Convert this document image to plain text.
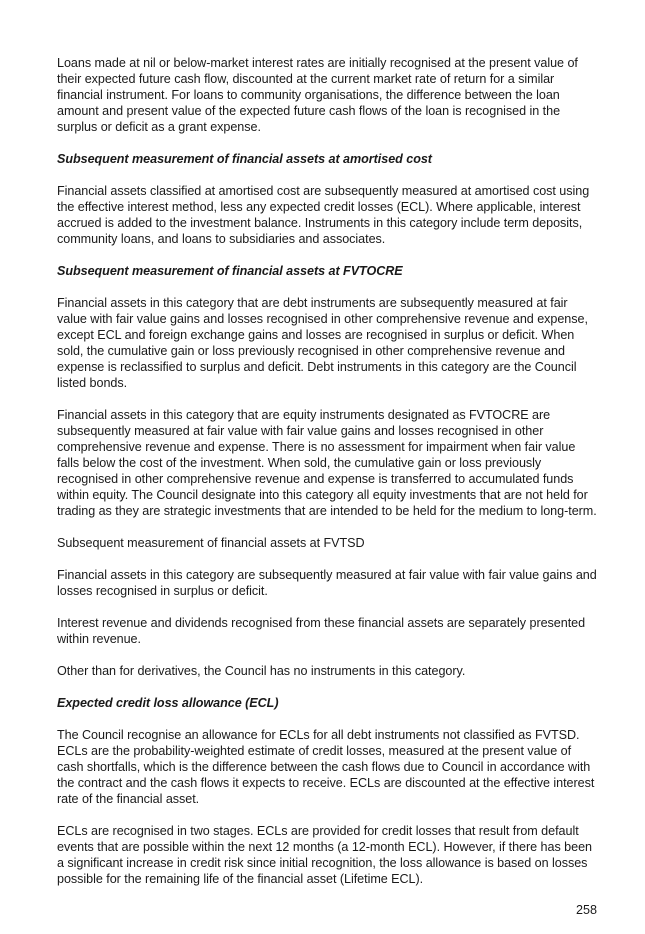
Loans made at nil or below-market interest rates are initially recognised at the present value of their expected future cash flow, discounted at the current market rate of return for a similar financial instrument. For loans to community organisations, the difference between the loan amount and present value of the expected future cash flows of the loan is recognised in the surplus or deficit as a grant expense.

Subsequent measurement of financial assets at amortised cost

Financial assets classified at amortised cost are subsequently measured at amortised cost using the effective interest method, less any expected credit losses (ECL). Where applicable, interest accrued is added to the investment balance. Instruments in this category include term deposits, community loans, and loans to subsidiaries and associates.

Subsequent measurement of financial assets at FVTOCRE

Financial assets in this category that are debt instruments are subsequently measured at fair value with fair value gains and losses recognised in other comprehensive revenue and expense, except ECL and foreign exchange gains and losses are recognised in surplus or deficit. When sold, the cumulative gain or loss previously recognised in other comprehensive revenue and expense is reclassified to surplus and deficit. Debt instruments in this category are the Council listed bonds.

Financial assets in this category that are equity instruments designated as FVTOCRE are subsequently measured at fair value with fair value gains and losses recognised in other comprehensive revenue and expense. There is no assessment for impairment when fair value falls below the cost of the investment. When sold, the cumulative gain or loss previously recognised in other comprehensive revenue and expense is transferred to accumulated funds within equity. The Council designate into this category all equity investments that are not held for trading as they are strategic investments that are intended to be held for the medium to long-term.

Subsequent measurement of financial assets at FVTSD

Financial assets in this category are subsequently measured at fair value with fair value gains and losses recognised in surplus or deficit.

Interest revenue and dividends recognised from these financial assets are separately presented within revenue.

Other than for derivatives, the Council has no instruments in this category.

Expected credit loss allowance (ECL)

The Council recognise an allowance for ECLs for all debt instruments not classified as FVTSD. ECLs are the probability-weighted estimate of credit losses, measured at the present value of cash shortfalls, which is the difference between the cash flows due to Council in accordance with the contract and the cash flows it expects to receive. ECLs are discounted at the effective interest rate of the financial asset.

ECLs are recognised in two stages. ECLs are provided for credit losses that result from default events that are possible within the next 12 months (a 12-month ECL). However, if there has been a significant increase in credit risk since initial recognition, the loss allowance is based on losses possible for the remaining life of the financial asset (Lifetime ECL).

258
